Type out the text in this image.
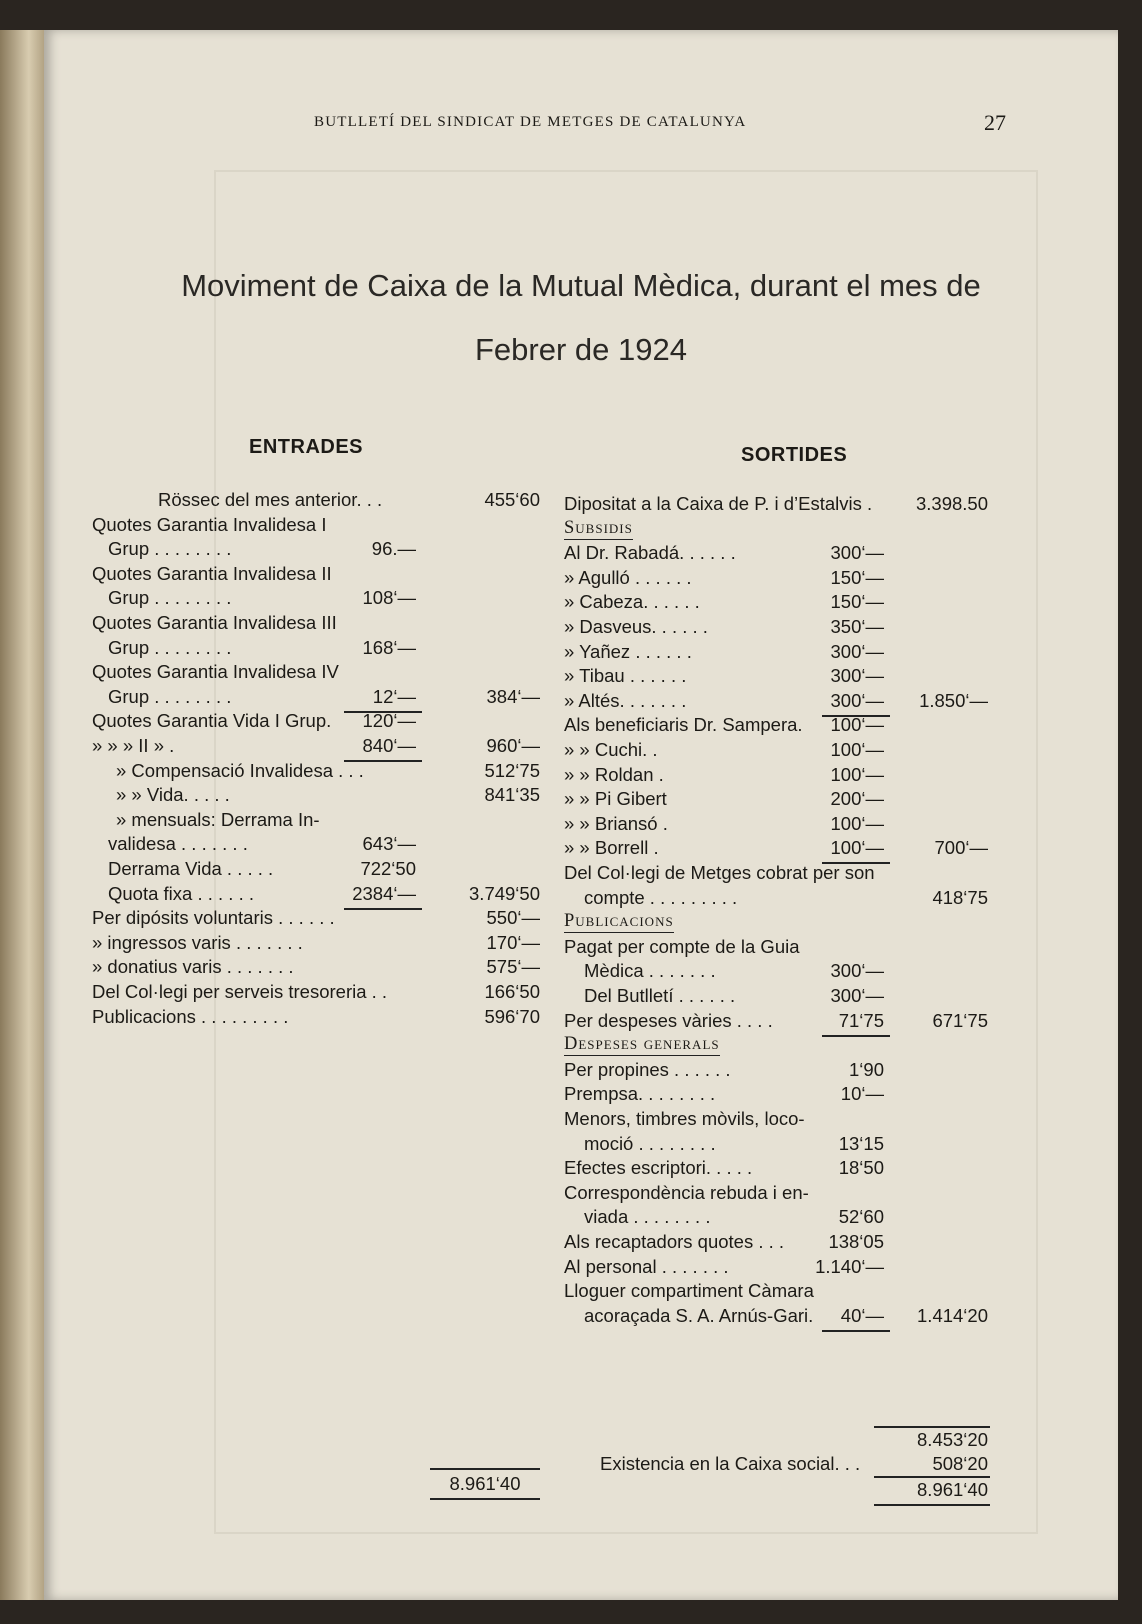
BUTLLETÍ DEL SINDICAT DE METGES DE CATALUNYA	27
Moviment de Caixa de la Mutual Mèdica, durant el mes de
Febrer de 1924
ENTRADES	SORTIDES
Rössec del mes anterior. . .	455‘60
Quotes Garantia Invalidesa I
Grup . . . . . . . .	96.—
Quotes Garantia Invalidesa II
Grup . . . . . . . .	108‘—
Quotes Garantia Invalidesa III
Grup . . . . . . . .	168‘—
Quotes Garantia Invalidesa IV
Grup . . . . . . . .	12‘—	384‘—
Quotes Garantia Vida I Grup.	120‘—
» » » II » .	840‘—	960‘—
» Compensació Invalidesa . . .	512‘75
» » Vida. . . . .	841‘35
» mensuals: Derrama In-
validesa . . . . . . .	643‘—
Derrama Vida . . . . .	722‘50
Quota fixa . . . . . .	2384‘—	3.749‘50
Per dipósits voluntaris . . . . . .	550‘—
» ingressos varis . . . . . . .	170‘—
» donatius varis . . . . . . .	575‘—
Del Col·legi per serveis tresoreria . .	166‘50
Publicacions . . . . . . . . .	596‘70
Dipositat a la Caixa de P. i d’Estalvis .	3.398.50
Subsidis
Al Dr. Rabadá. . . . . .	300‘—
» Agulló . . . . . .	150‘—
» Cabeza. . . . . .	150‘—
» Dasveus. . . . . .	350‘—
» Yañez . . . . . .	300‘—
» Tibau . . . . . .	300‘—
» Altés. . . . . . .	300‘—	1.850‘—
Als beneficiaris Dr. Sampera.	100‘—
» » Cuchi. .	100‘—
» » Roldan .	100‘—
» » Pi Gibert	200‘—
» » Briansó .	100‘—
» » Borrell .	100‘—	700‘—
Del Col·legi de Metges cobrat per son
compte . . . . . . . . .	418‘75
Publicacions
Pagat per compte de la Guia
Mèdica . . . . . . .	300‘—
Del Butlletí . . . . . .	300‘—
Per despeses vàries . . . .	71‘75	671‘75
Despeses generals
Per propines . . . . . .	1‘90
Prempsa. . . . . . . .	10‘—
Menors, timbres mòvils, loco-
moció . . . . . . . .	13‘15
Efectes escriptori. . . . .	18‘50
Correspondència rebuda i en-
viada . . . . . . . .	52‘60
Als recaptadors quotes . . .	138‘05
Al personal . . . . . . .	1.140‘—
Lloguer compartiment Càmara
acoraçada S. A. Arnús-Gari.	40‘—	1.414‘20
8.961‘40
8.453‘20
Existencia en la Caixa social. . .	508‘20
8.961‘40
